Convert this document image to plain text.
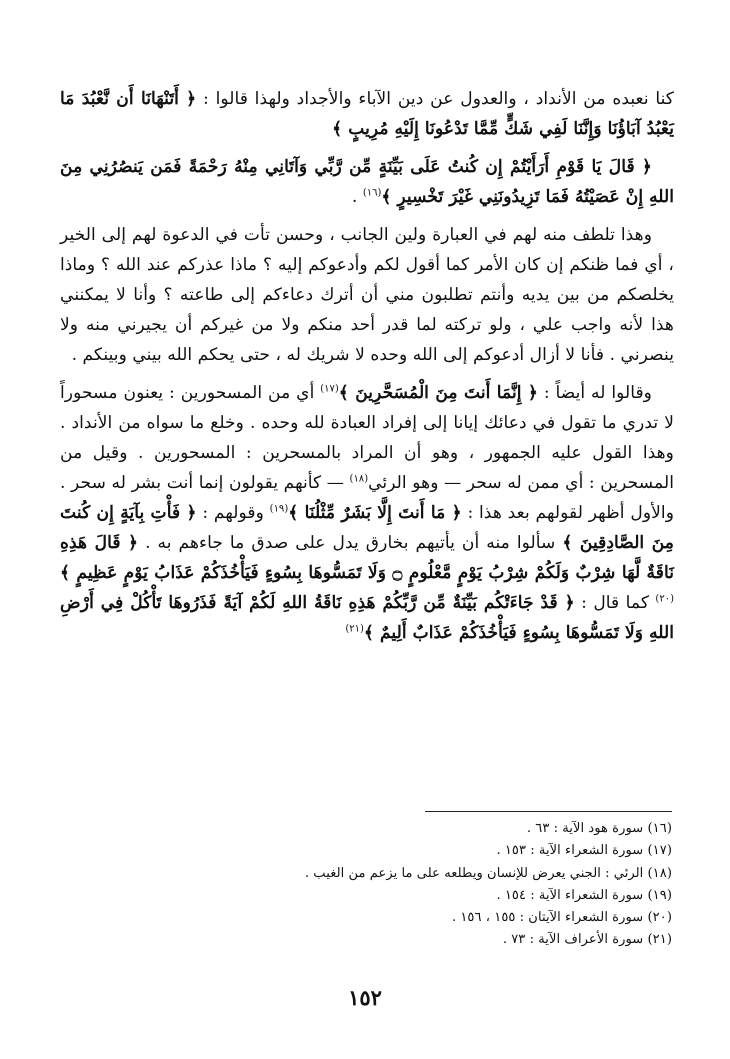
كنا نعبده من الأنداد ، والعدول عن دين الآباء والأجداد ولهذا قالوا : ﴿ أَتَنْهَانَا أَن نَّعْبُدَ مَا يَعْبُدُ آبَاؤُنَا وَإِنَّنَا لَفِي شَكٍّ مِّمَّا تَدْعُونَا إِلَيْهِ مُرِيبٍ ﴾

﴿ قَالَ يَا قَوْمِ أَرَأَيْتُمْ إِن كُنتُ عَلَى بَيِّنَةٍ مِّن رَّبِّي وَآتَانِي مِنْهُ رَحْمَةً فَمَن يَنصُرُنِي مِنَ اللهِ إِنْ عَصَيْتُهُ فَمَا تَزِيدُونَنِي غَيْرَ تَخْسِيرٍ ﴾$^{(١٦)}$ .

وهذا تلطف منه لهم في العبارة ولين الجانب ، وحسن تأت في الدعوة لهم إلى الخير ، أي فما ظنكم إن كان الأمر كما أقول لكم وأدعوكم إليه ؟ ماذا عذركم عند الله ؟ وماذا يخلصكم من بين يديه وأنتم تطلبون مني أن أترك دعاءكم إلى طاعته ؟ وأنا لا يمكنني هذا لأنه واجب علي ، ولو تركته لما قدر أحد منكم ولا من غيركم أن يجيرني منه ولا ينصرني . فأنا لا أزال أدعوكم إلى الله وحده لا شريك له ، حتى يحكم الله بيني وبينكم .

وقالوا له أيضاً : ﴿ إِنَّمَا أَنتَ مِنَ الْمُسَحَّرِينَ ﴾$^{(١٧)}$ أي من المسحورين : يعنون مسحوراً لا تدري ما تقول في دعائك إيانا إلى إفراد العبادة لله وحده . وخلع ما سواه من الأنداد . وهذا القول عليه الجمهور ، وهو أن المراد بالمسحرين : المسحورين . وقيل من المسحرين : أي ممن له سحر — وهو الرئي$^{(١٨)}$ — كأنهم يقولون إنما أنت بشر له سحر . والأول أظهر لقولهم بعد هذا : ﴿ مَا أَنتَ إِلَّا بَشَرٌ مِّثْلُنَا ﴾$^{(١٩)}$ وقولهم : ﴿ فَأْتِ بِآيَةٍ إِن كُنتَ مِنَ الصَّادِقِينَ ﴾ سألوا منه أن يأتيهم بخارق يدل على صدق ما جاءهم به . ﴿ قَالَ هَذِهِ نَاقَةٌ لَّهَا شِرْبٌ وَلَكُمْ شِرْبُ يَوْمٍ مَّعْلُومٍ ۝ وَلَا تَمَسُّوهَا بِسُوءٍ فَيَأْخُذَكُمْ عَذَابُ يَوْمٍ عَظِيمٍ ﴾$^{(٢٠)}$ كما قال : ﴿ قَدْ جَاءَتْكُم بَيِّنَةٌ مِّن رَّبِّكُمْ هَذِهِ نَاقَةُ اللهِ لَكُمْ آيَةً فَذَرُوهَا تَأْكُلْ فِي أَرْضِ اللهِ وَلَا تَمَسُّوهَا بِسُوءٍ فَيَأْخُذَكُمْ عَذَابٌ أَلِيمٌ ﴾$^{(٢١)}$

(١٦) سورة هود الآية : ٦٣ .
(١٧) سورة الشعراء الآية : ١٥٣ .
(١٨) الرئي : الجني يعرض للإنسان ويطلعه على ما يزعم من الغيب .
(١٩) سورة الشعراء الآية : ١٥٤ .
(٢٠) سورة الشعراء الآيتان : ١٥٥ ، ١٥٦ .
(٢١) سورة الأعراف الآية : ٧٣ .
١٥٢
